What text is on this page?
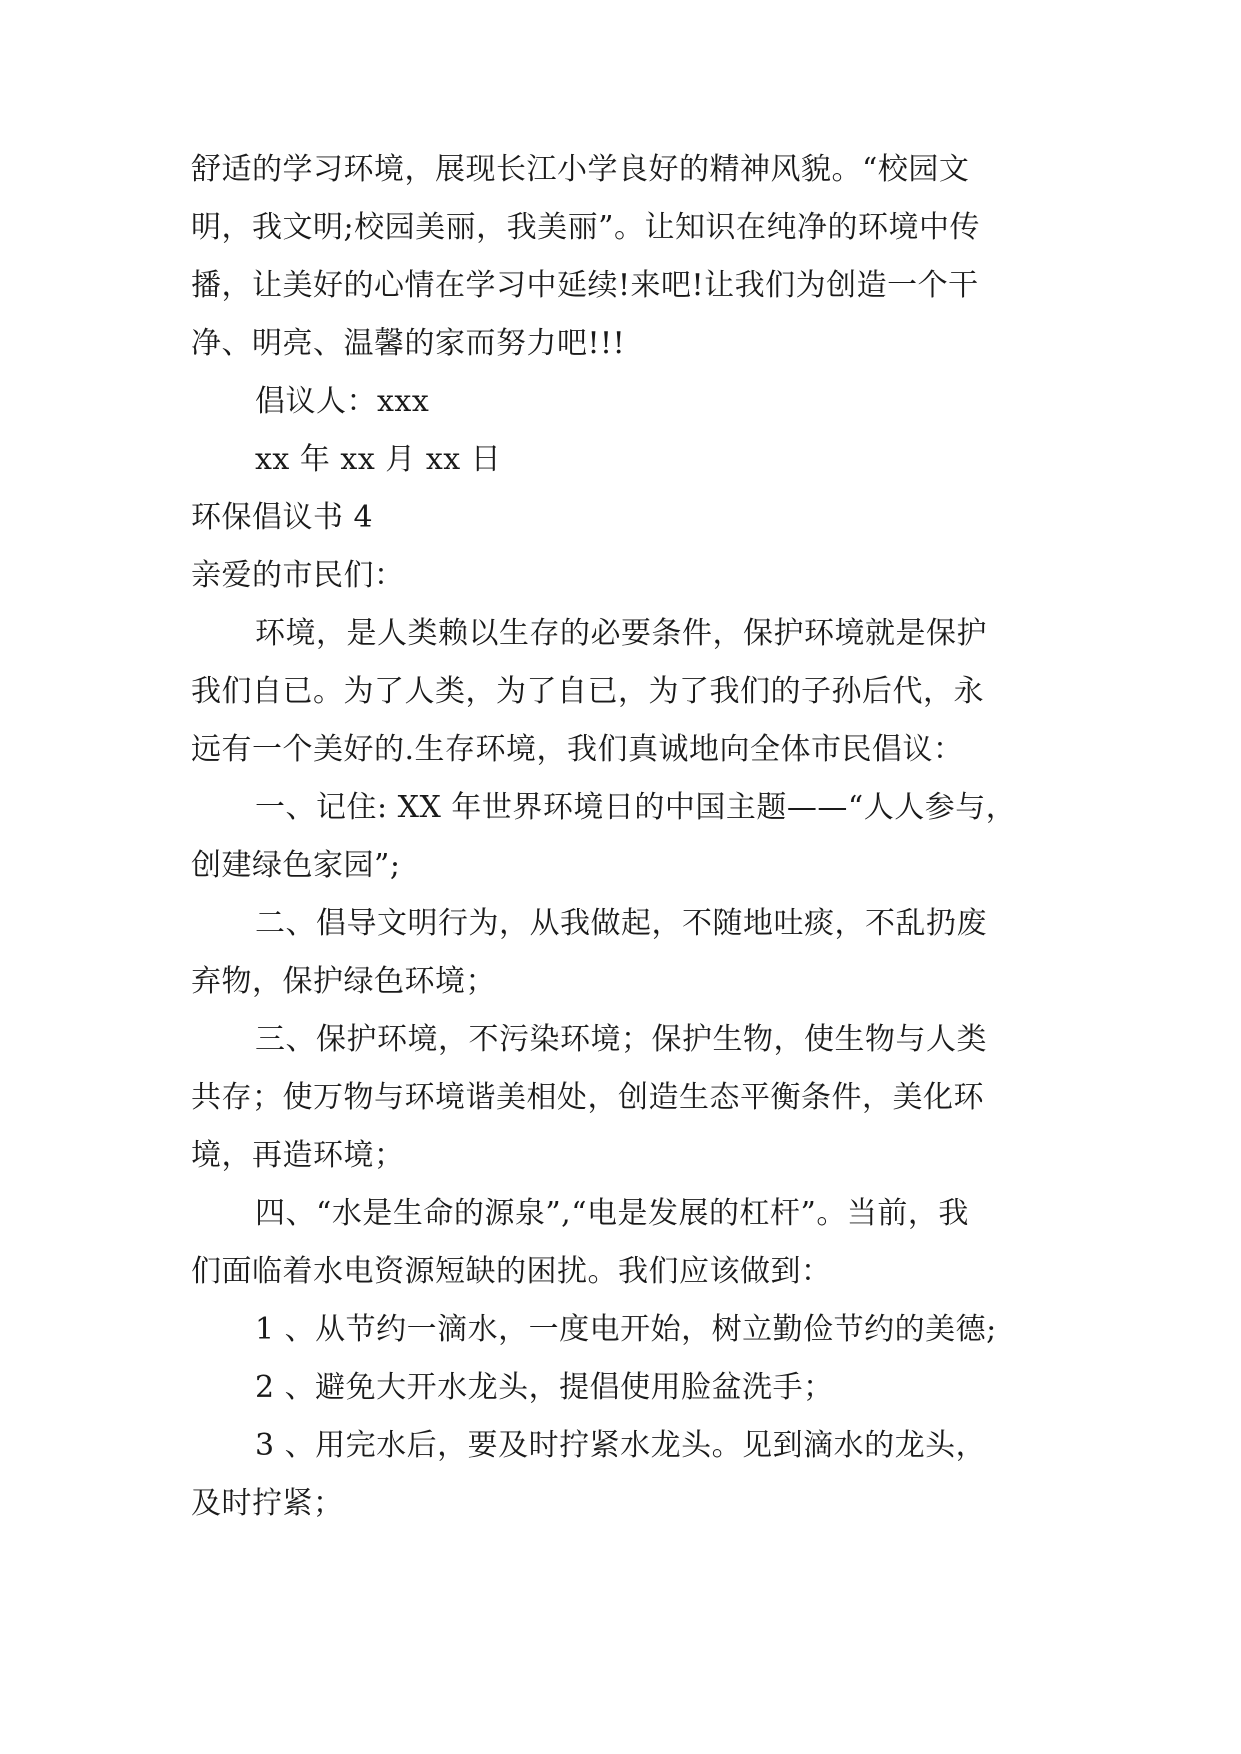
舒适的学习环境，展现长江小学良好的精神风貌。“校园文
明，我文明;校园美丽，我美丽”。让知识在纯净的环境中传
播，让美好的心情在学习中延续!来吧!让我们为创造一个干
净、明亮、温馨的家而努力吧!!!
倡议人：xxx
xx 年 xx 月 xx 日
环保倡议书 4
亲爱的市民们：
环境，是人类赖以生存的必要条件，保护环境就是保护
我们自已。为了人类，为了自已，为了我们的子孙后代，永
远有一个美好的.生存环境，我们真诚地向全体市民倡议：
一、记住: XX 年世界环境日的中国主题——“人人参与，
创建绿色家园”;
二、倡导文明行为，从我做起，不随地吐痰，不乱扔废
弃物，保护绿色环境；
三、保护环境，不污染环境；保护生物，使生物与人类
共存；使万物与环境谐美相处，创造生态平衡条件，美化环
境，再造环境；
四、“水是生命的源泉”,“电是发展的杠杆”。当前，我
们面临着水电资源短缺的困扰。我们应该做到：
1 、从节约一滴水，一度电开始，树立勤俭节约的美德;
2 、避免大开水龙头，提倡使用脸盆洗手；
3 、用完水后，要及时拧紧水龙头。见到滴水的龙头，
及时拧紧；
